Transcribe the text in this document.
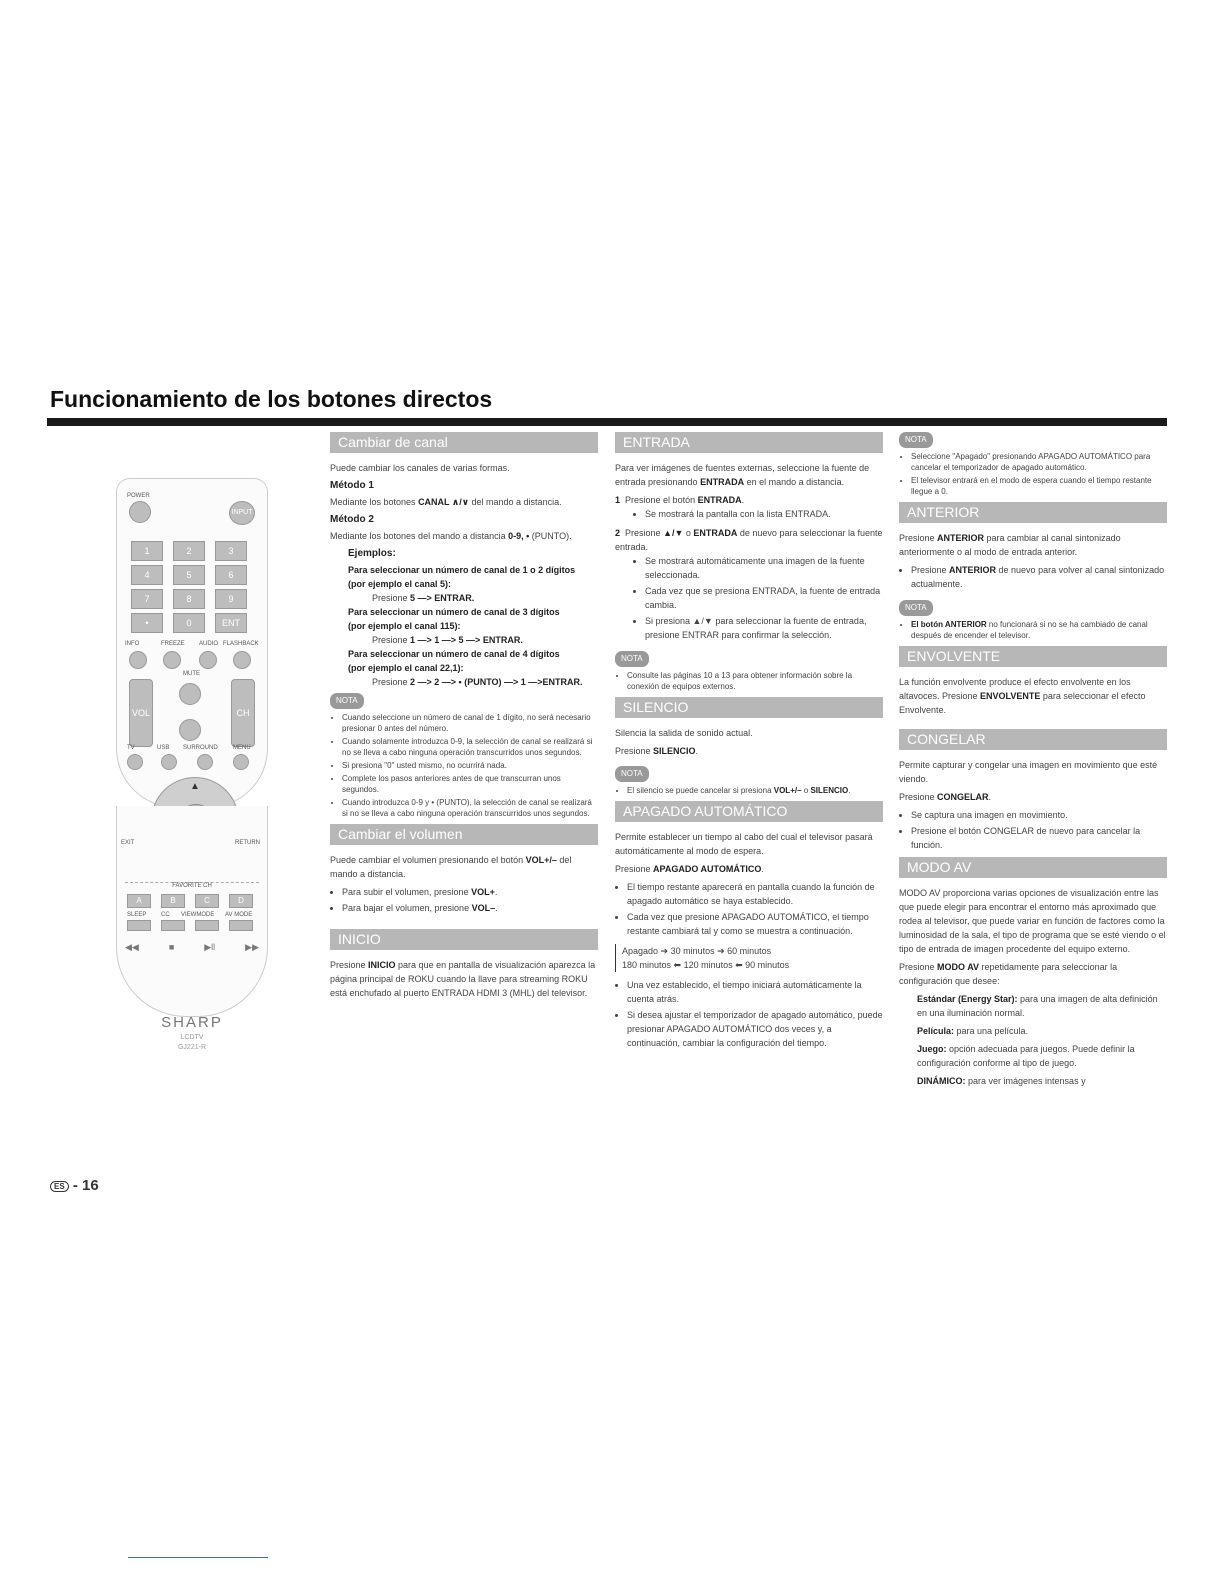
Funcionamiento de los botones directos
POWER
INPUT
INFO	FREEZE AUDIO FLASHBACK
MUTE
VOL	CH
TV	USB SURROUND	MENU
▲
1	2	3
4	5	6
7	8	9
•	0	ENT
EXIT	RETURN
FAVORITE CH
SLEEP CC VIEWMODE AV MODE
◀◀	■	▶ll	▶▶
SHARP
LCDTV
GJ221-R
A	B	C	D
Cambiar de canal

Puede cambiar los canales de varias formas.

Método 1

Mediante los botones CANAL ∧/∨ del mando a distancia.

Método 2

Mediante los botones del mando a distancia 0-9, • (PUNTO).

Ejemplos:
Para seleccionar un número de canal de 1 o 2 dígitos
(por ejemplo el canal 5):
Presione 5 —> ENTRAR.
Para seleccionar un número de canal de 3 dígitos
(por ejemplo el canal 115):
Presione 1 —> 1 —> 5 —> ENTRAR.
Para seleccionar un número de canal de 4 dígitos
(por ejemplo el canal 22,1):
Presione 2 —> 2 —> • (PUNTO) —> 1 —>ENTRAR.
NOTA
• Cuando seleccione un número de canal de 1 dígito, no será necesario presionar 0 antes del número.
• Cuando solamente introduzca 0-9, la selección de canal se realizará si no se lleva a cabo ninguna operación transcurridos unos segundos.
• Si presiona "0" usted mismo, no ocurrirá nada.
• Complete los pasos anteriores antes de que transcurran unos segundos.
• Cuando introduzca 0-9 y • (PUNTO), la selección de canal se realizará si no se lleva a cabo ninguna operación transcurridos unos segundos.
Cambiar el volumen

Puede cambiar el volumen presionando el botón VOL+/– del mando a distancia.

• Para subir el volumen, presione VOL+.
• Para bajar el volumen, presione VOL–.
INICIO

Presione INICIO para que en pantalla de visualización aparezca la página principal de ROKU cuando la llave para streaming ROKU está enchufado al puerto ENTRADA HDMI 3 (MHL) del televisor.

ENTRADA

Para ver imágenes de fuentes externas, seleccione la fuente de entrada presionando ENTRADA en el mando a distancia.

1 Presione el botón ENTRADA.
• Se mostrará la pantalla con la lista ENTRADA.
2 Presione ▲/▼ o ENTRADA de nuevo para seleccionar la fuente entrada.
• Se mostrará automáticamente una imagen de la fuente seleccionada.
• Cada vez que se presiona ENTRADA, la fuente de entrada cambia.
• Si presiona ▲/▼ para seleccionar la fuente de entrada, presione ENTRAR para confirmar la selección.
NOTA
• Consulte las páginas 10 a 13 para obtener información sobre la conexión de equipos externos.
SILENCIO

Silencia la salida de sonido actual.

Presione SILENCIO.

NOTA
• El silencio se puede cancelar si presiona VOL+/– o SILENCIO.
APAGADO AUTOMÁTICO

Permite establecer un tiempo al cabo del cual el televisor pasará automáticamente al modo de espera.

Presione APAGADO AUTOMÁTICO.

• El tiempo restante aparecerá en pantalla cuando la función de apagado automático se haya establecido.
• Cada vez que presione APAGADO AUTOMÁTICO, el tiempo restante cambiará tal y como se muestra a continuación.
Apagado ➔ 30 minutos ➔ 60 minutos
180 minutos ⬅ 120 minutos ⬅ 90 minutos
• Una vez establecido, el tiempo iniciará automáticamente la cuenta atrás.
• Si desea ajustar el temporizador de apagado automático, puede presionar APAGADO AUTOMÁTICO dos veces y, a continuación, cambiar la configuración del tiempo.
NOTA
• Seleccione "Apagado" presionando APAGADO AUTOMÁTICO para cancelar el temporizador de apagado automático.
• El televisor entrará en el modo de espera cuando el tiempo restante llegue a 0.
ANTERIOR

Presione ANTERIOR para cambiar al canal sintonizado anteriormente o al modo de entrada anterior.

• Presione ANTERIOR de nuevo para volver al canal sintonizado actualmente.
NOTA
• El botón ANTERIOR no funcionará si no se ha cambiado de canal después de encender el televisor.
ENVOLVENTE

La función envolvente produce el efecto envolvente en los altavoces. Presione ENVOLVENTE para seleccionar el efecto Envolvente.

CONGELAR

Permite capturar y congelar una imagen en movimiento que esté viendo.

Presione CONGELAR.

• Se captura una imagen en movimiento.
• Presione el botón CONGELAR de nuevo para cancelar la función.
MODO AV

MODO AV proporciona varias opciones de visualización entre las que puede elegir para encontrar el entorno más aproximado que rodea al televisor, que puede variar en función de factores como la luminosidad de la sala, el tipo de programa que se esté viendo o el tipo de entrada de imagen procedente del equipo externo.

Presione MODO AV repetidamente para seleccionar la configuración que desee:

Estándar (Energy Star): para una imagen de alta definición en una iluminación normal.

Película: para una película.

Juego: opción adecuada para juegos. Puede definir la configuración conforme al tipo de juego.

DINÁMICO: para ver imágenes intensas y

ES - 16
